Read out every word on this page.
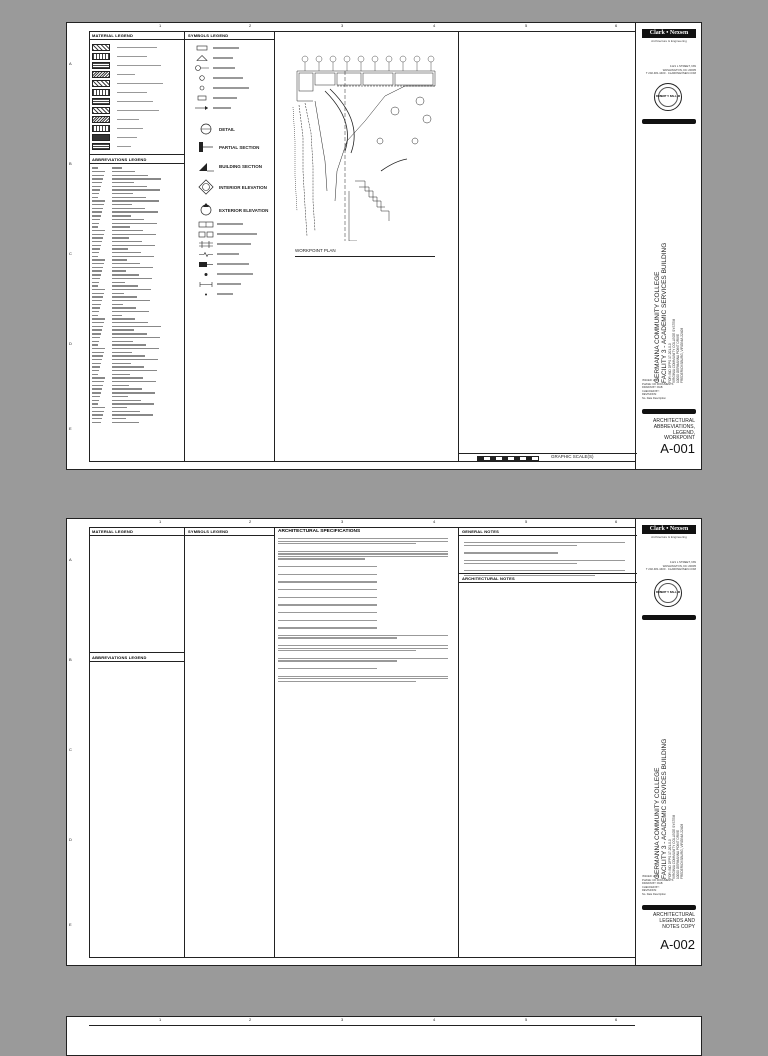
1	2	3	4	5	6
A
B
C
D
E
MATERIAL LEGEND
ABBREVIATIONS LEGEND

SYMBOLS LEGEND
DETAIL
PARTIAL SECTION
BUILDING SECTION
INTERIOR ELEVATION
EXTERIOR ELEVATION
WORKPOINT PLAN
GRAPHIC SCALE(S)
Clark • Nexsen
Architecture & Engineering
1121 L STREET, NW
WASHINGTON, DC 20005
T 202.481.4400 · CLARKNEXSEN.COM
ROBERT T. BALL, III
GERMANNA COMMUNITY COLLEGE FACILITY 3 - ACADEMIC SERVICES BUILDING FOR: BID DFPS 17-201-0-0 VIRGINIA COMMUNITY COLLEGE SYSTEM 10000 GERMANNA POINT DRIVE FREDERICKSBURG, VIRGINIA 22408
ISSUED: 2023
PHASE: CD DOCUMENTS
DRAWN BY: RAB
CHECKED BY:
REVISIONS:
No. Date Description
ARCHITECTURAL ABBREVIATIONS, LEGEND, WORKPOINT
A-001
1	2	3	4	5	6
A
B
C
D
E
MATERIAL LEGEND
ABBREVIATIONS LEGEND
SYMBOLS LEGEND	ARCHITECTURAL SPECIFICATIONS	GENERAL NOTES
ARCHITECTURAL NOTES
Clark • Nexsen
Architecture & Engineering
1121 L STREET, NW
WASHINGTON, DC 20005
T 202.481.4400 · CLARKNEXSEN.COM
ROBERT T. BALL, III
GERMANNA COMMUNITY COLLEGE FACILITY 3 - ACADEMIC SERVICES BUILDING FOR: BID DFPS 17-201-0-0 VIRGINIA COMMUNITY COLLEGE SYSTEM 10000 GERMANNA POINT DRIVE FREDERICKSBURG, VIRGINIA 22408
ISSUED: 2023
PHASE: CD DOCUMENTS
DRAWN BY: RAB
CHECKED BY:
REVISIONS:
No. Date Description
ARCHITECTURAL LEGENDS AND NOTES COPY
A-002
1	2	3	4	5	6
